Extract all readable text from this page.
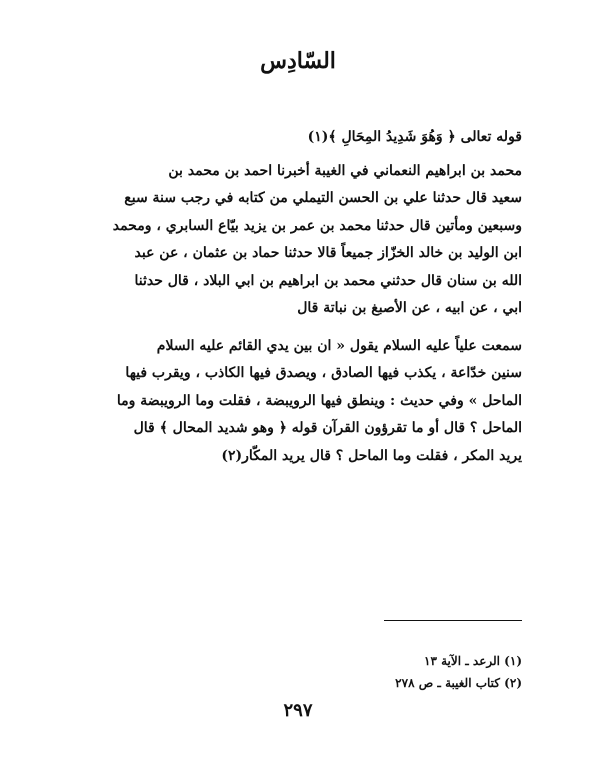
السّادِس

قوله تعالى ﴿ وَهُوَ شَدِيدُ المِحَالِ ﴾(١)
محمد بن ابراهيم النعماني في الغيبة أخبرنا احمد بن محمد بن
سعيد قال حدثنا علي بن الحسن التيملي من كتابه في رجب سنة سبع
وسبعين ومأتين قال حدثنا محمد بن عمر بن يزيد بيّاع السابري ، ومحمد
ابن الوليد بن خالد الخزّاز جميعاً قالا حدثنا حماد بن عثمان ، عن عبد
الله بن سنان قال حدثني محمد بن ابراهيم بن ابي البلاد ، قال حدثنا
ابي ، عن ابيه ، عن الأصبغ بن نباتة قال

سمعت علياً عليه السلام يقول « ان بين يدي القائم عليه السلام
سنين خدّاعة ، يكذب فيها الصادق ، ويصدق فيها الكاذب ، ويقرب فيها
الماحل » وفي حديث : وينطق فيها الرويبضة ، فقلت وما الرويبضة وما
الماحل ؟ قال أو ما تقرؤون القرآن قوله ﴿ وهو شديد المحال ﴾ قال
يريد المكر ، فقلت وما الماحل ؟ قال يريد المكّار(٢)

(١) الرعد ـ الآية ١٣
(٢) كتاب الغيبة ـ ص ٢٧٨
٢٩٧
